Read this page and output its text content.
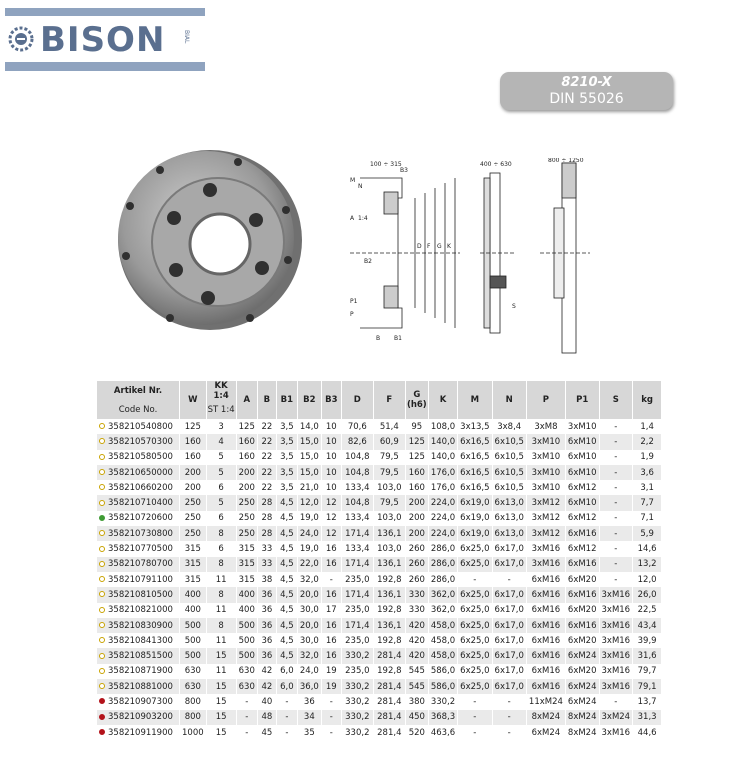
BISON	BIAL
8210-X
DIN 55026
100 ÷ 315
M
N
B3
A 1:4
D F G K
B2
P1
P
B B1
400 ÷ 630
S
800 ÷ 1250
Artikel Nr.	W	KK 1:4	A	B	B1	B2	B3	D	F	G (h6)	K	M	N	P	P1	S	kg
Code No.		ST 1:4															
358210540800	125	3	125	22	3,5	14,0	10	70,6	51,4	95	108,0	3x13,5	3x8,4	3xM8	3xM10	-	1,4
358210570300	160	4	160	22	3,5	15,0	10	82,6	60,9	125	140,0	6x16,5	6x10,5	3xM10	6xM10	-	2,2
358210580500	160	5	160	22	3,5	15,0	10	104,8	79,5	125	140,0	6x16,5	6x10,5	3xM10	6xM10	-	1,9
358210650000	200	5	200	22	3,5	15,0	10	104,8	79,5	160	176,0	6x16,5	6x10,5	3xM10	6xM10	-	3,6
358210660200	200	6	200	22	3,5	21,0	10	133,4	103,0	160	176,0	6x16,5	6x10,5	3xM10	6xM12	-	3,1
358210710400	250	5	250	28	4,5	12,0	12	104,8	79,5	200	224,0	6x19,0	6x13,0	3xM12	6xM10	-	7,7
358210720600	250	6	250	28	4,5	19,0	12	133,4	103,0	200	224,0	6x19,0	6x13,0	3xM12	6xM12	-	7,1
358210730800	250	8	250	28	4,5	24,0	12	171,4	136,1	200	224,0	6x19,0	6x13,0	3xM12	6xM16	-	5,9
358210770500	315	6	315	33	4,5	19,0	16	133,4	103,0	260	286,0	6x25,0	6x17,0	3xM16	6xM12	-	14,6
358210780700	315	8	315	33	4,5	22,0	16	171,4	136,1	260	286,0	6x25,0	6x17,0	3xM16	6xM16	-	13,2
358210791100	315	11	315	38	4,5	32,0	-	235,0	192,8	260	286,0	-	-	6xM16	6xM20	-	12,0
358210810500	400	8	400	36	4,5	20,0	16	171,4	136,1	330	362,0	6x25,0	6x17,0	6xM16	6xM16	3xM16	26,0
358210821000	400	11	400	36	4,5	30,0	17	235,0	192,8	330	362,0	6x25,0	6x17,0	6xM16	6xM20	3xM16	22,5
358210830900	500	8	500	36	4,5	20,0	16	171,4	136,1	420	458,0	6x25,0	6x17,0	6xM16	6xM16	3xM16	43,4
358210841300	500	11	500	36	4,5	30,0	16	235,0	192,8	420	458,0	6x25,0	6x17,0	6xM16	6xM20	3xM16	39,9
358210851500	500	15	500	36	4,5	32,0	16	330,2	281,4	420	458,0	6x25,0	6x17,0	6xM16	6xM24	3xM16	31,6
358210871900	630	11	630	42	6,0	24,0	19	235,0	192,8	545	586,0	6x25,0	6x17,0	6xM16	6xM20	3xM16	79,7
358210881000	630	15	630	42	6,0	36,0	19	330,2	281,4	545	586,0	6x25,0	6x17,0	6xM16	6xM24	3xM16	79,1
358210907300	800	15	-	40	-	36	-	330,2	281,4	380	330,2	-	-	11xM24	6xM24	-	13,7
358210903200	800	15	-	48	-	34	-	330,2	281,4	450	368,3	-	-	8xM24	8xM24	3xM24	31,3
358210911900	1000	15	-	45	-	35	-	330,2	281,4	520	463,6	-	-	6xM24	8xM24	3xM16	44,6
